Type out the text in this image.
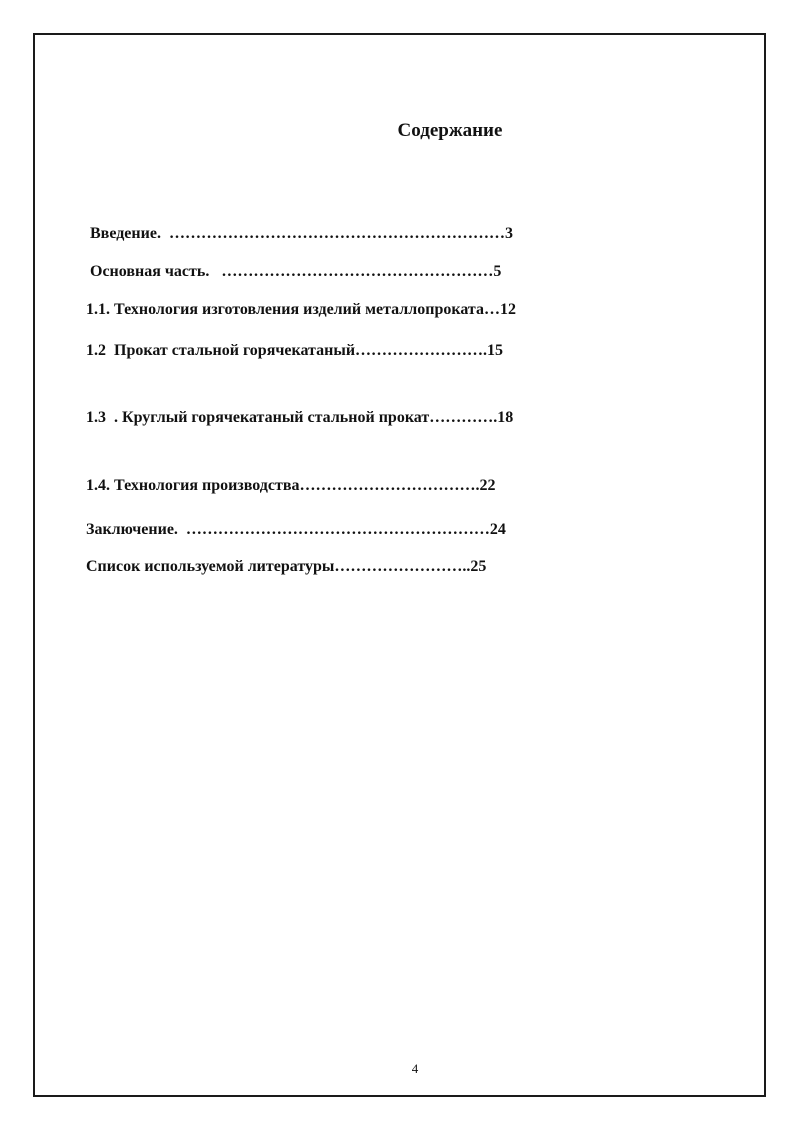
Содержание
Введение.  ………………………………………………………3
Основная часть.   ……………………………………………5
1.1. Технология изготовления изделий металлопроката…12
1.2  Прокат стальной горячекатаный…………………….15
1.3  . Круглый горячекатаный стальной прокат………….18
1.4. Технология производства…………………………….22
Заключение.  …………………………………………………24
Список используемой литературы……………………..25
4
